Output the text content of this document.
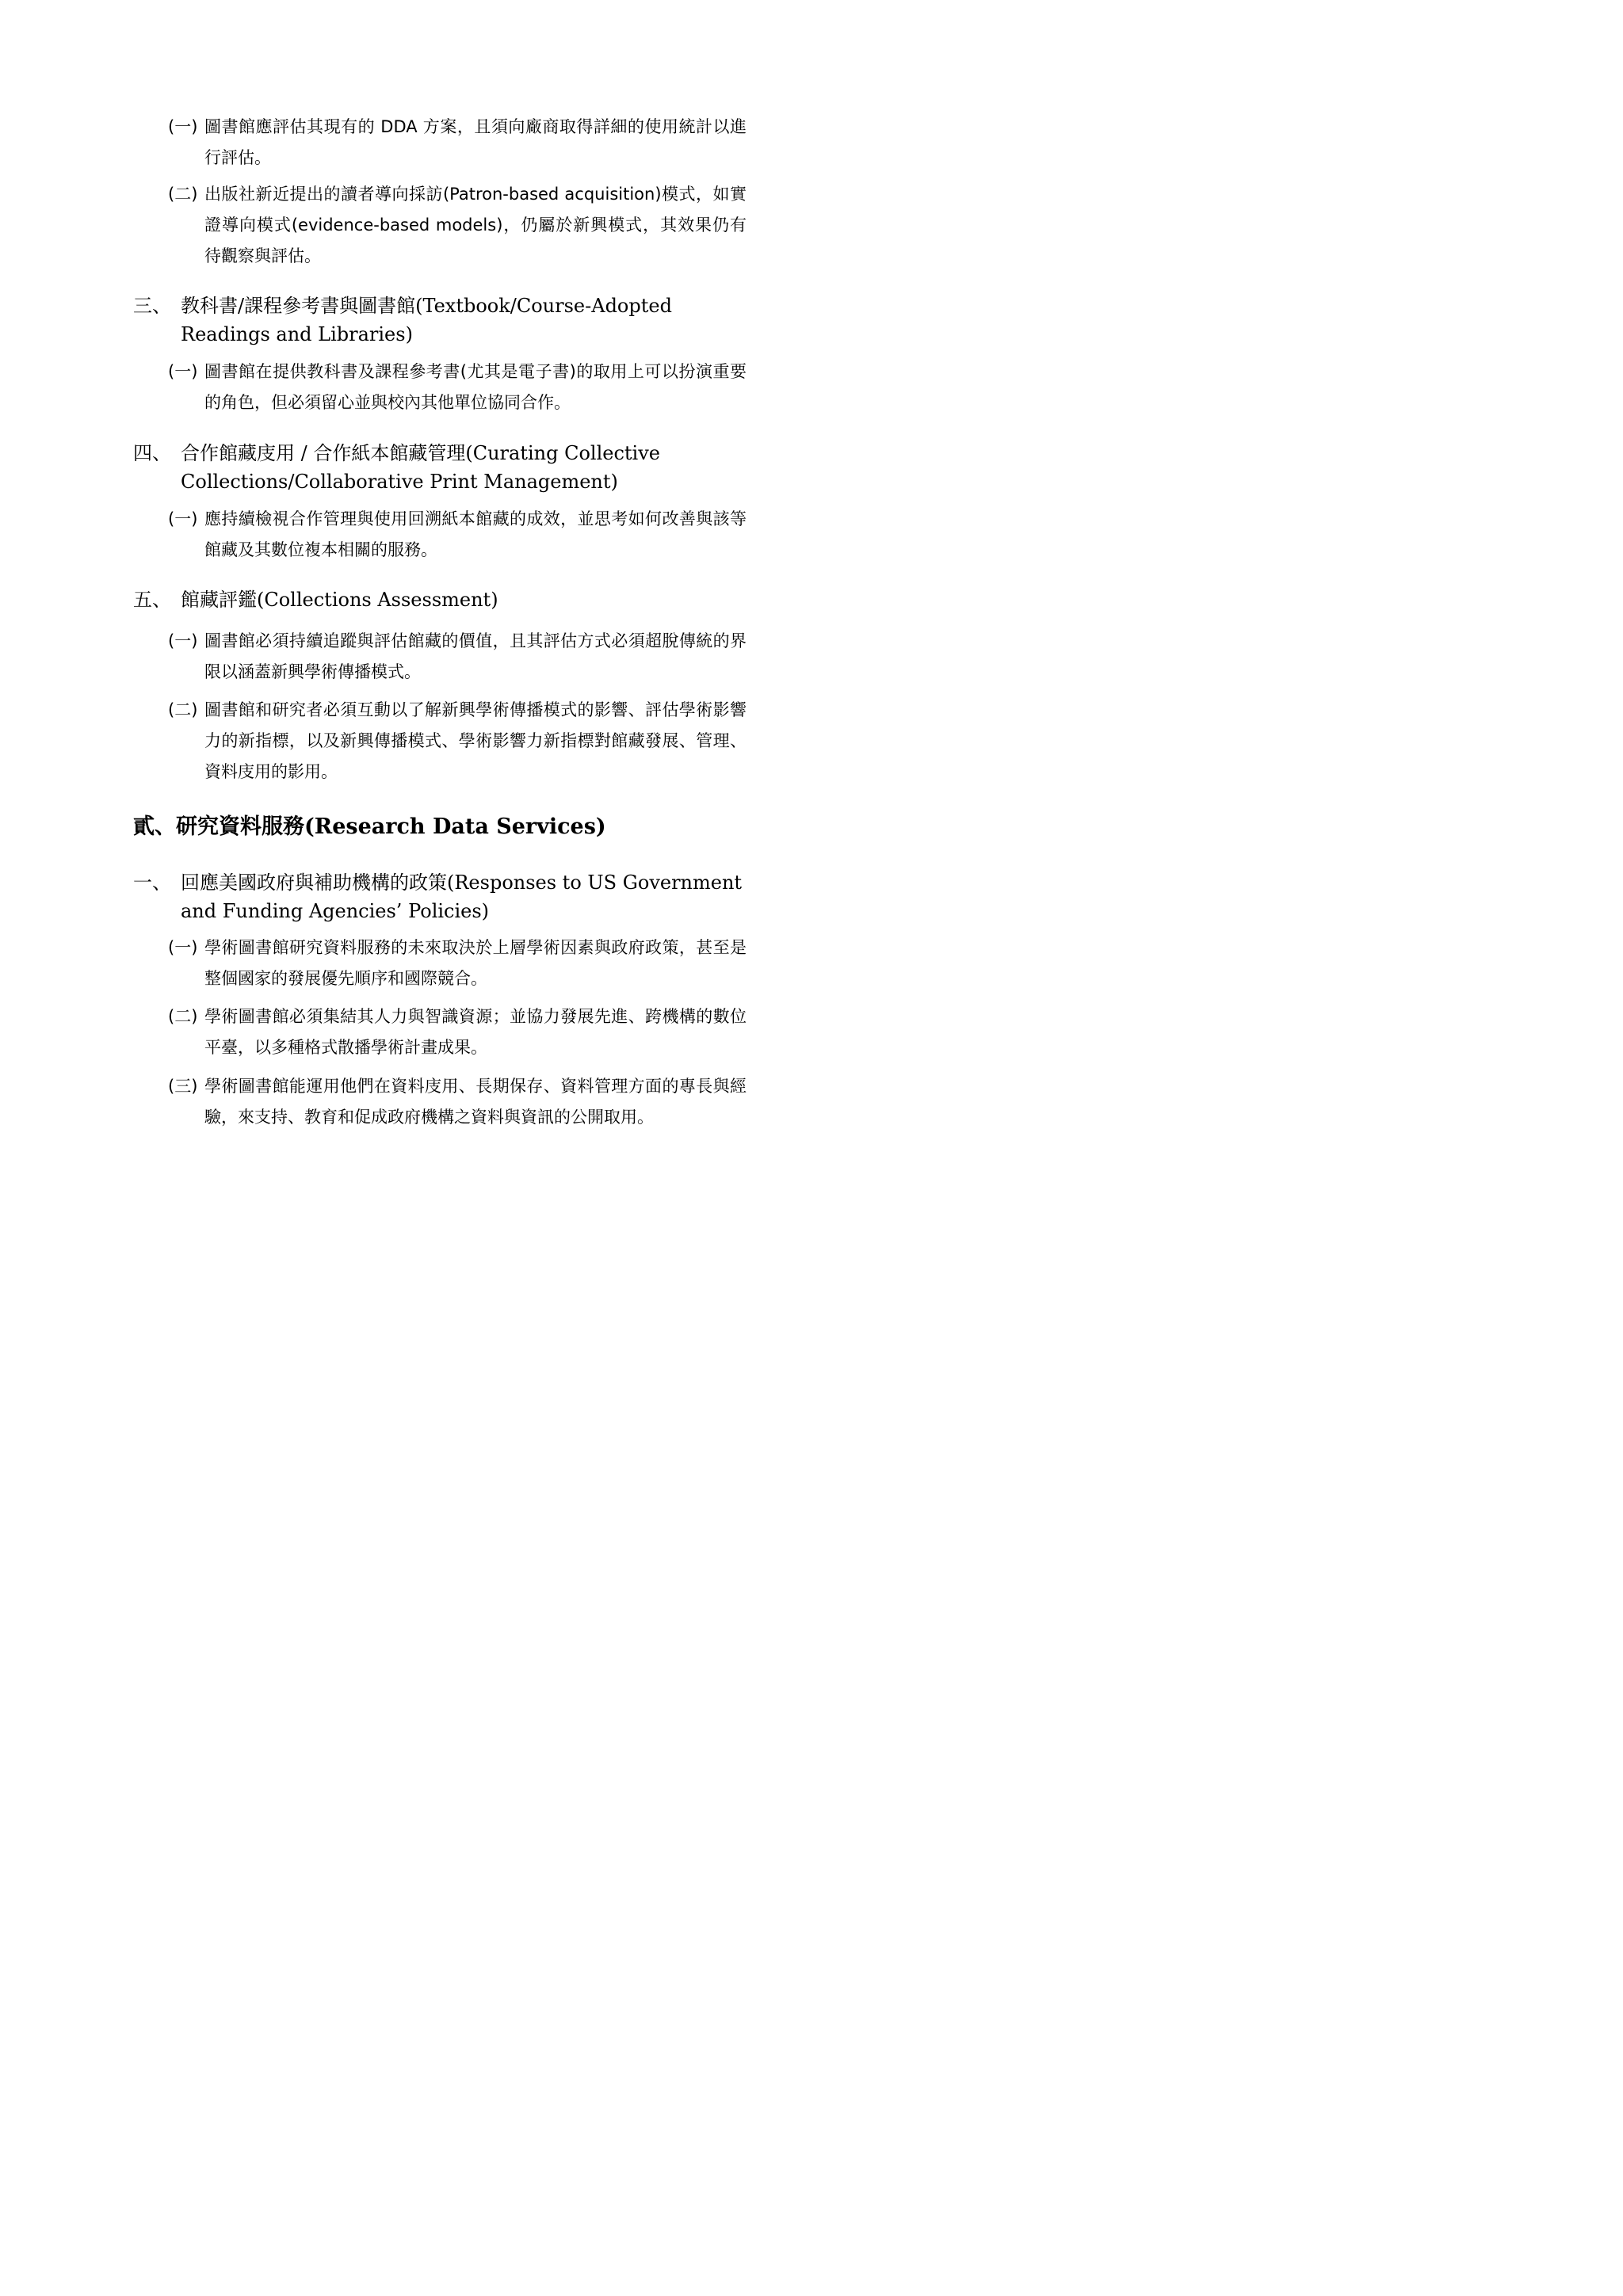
(一) 圖書館應評估其現有的 DDA 方案，且須向廠商取得詳細的使用統計以進行評估。
(二) 出版社新近提出的讀者導向採訪(Patron-based acquisition)模式，如實證導向模式(evidence-based models)，仍屬於新興模式，其效果仍有待觀察與評估。
三、 教科書/課程參考書與圖書館(Textbook/Course-Adopted Readings and Libraries)
(一) 圖書館在提供教科書及課程參考書(尤其是電子書)的取用上可以扮演重要的角色，但必須留心並與校內其他單位協同合作。
四、 合作館藏庋用 / 合作紙本館藏管理(Curating Collective Collections/Collaborative Print Management)
(一) 應持續檢視合作管理與使用回溯紙本館藏的成效，並思考如何改善與該等館藏及其數位複本相關的服務。
五、 館藏評鑑(Collections Assessment)
(一) 圖書館必須持續追蹤與評估館藏的價值，且其評估方式必須超脫傳統的界限以涵蓋新興學術傳播模式。
(二) 圖書館和研究者必須互動以了解新興學術傳播模式的影響、評估學術影響力的新指標，以及新興傳播模式、學術影響力新指標對館藏發展、管理、資料庋用的影用。
貳、研究資料服務(Research Data Services)
一、 回應美國政府與補助機構的政策(Responses to US Government and Funding Agencies’ Policies)
(一) 學術圖書館研究資料服務的未來取決於上層學術因素與政府政策，甚至是整個國家的發展優先順序和國際競合。
(二) 學術圖書館必須集結其人力與智識資源；並協力發展先進、跨機構的數位平臺，以多種格式散播學術計畫成果。
(三) 學術圖書館能運用他們在資料庋用、長期保存、資料管理方面的專長與經驗，來支持、教育和促成政府機構之資料與資訊的公開取用。
